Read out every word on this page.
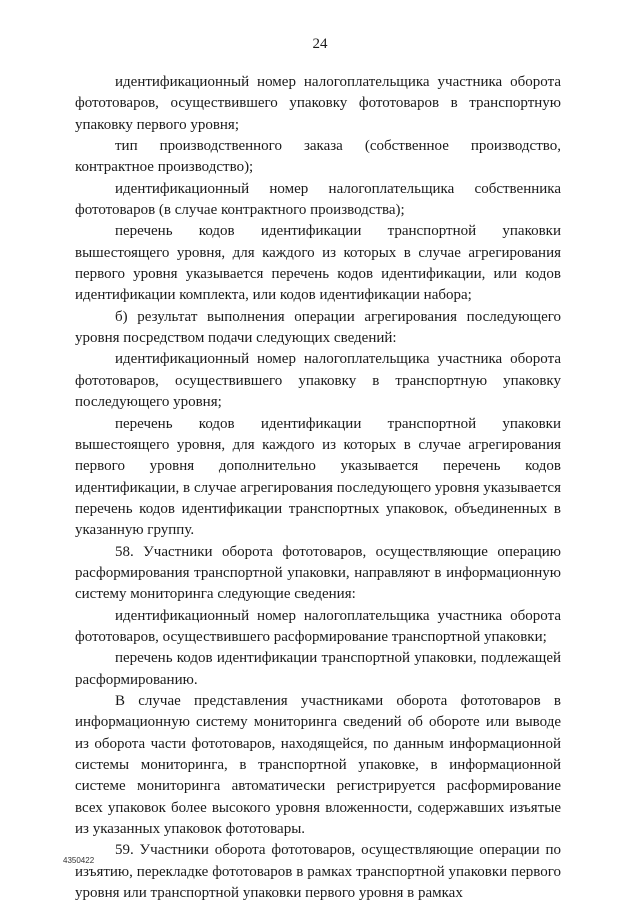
24

идентификационный номер налогоплательщика участника оборота фототоваров, осуществившего упаковку фототоваров в транспортную упаковку первого уровня;

тип производственного заказа (собственное производство, контрактное производство);

идентификационный номер налогоплательщика собственника фототоваров (в случае контрактного производства);

перечень кодов идентификации транспортной упаковки вышестоящего уровня, для каждого из которых в случае агрегирования первого уровня указывается перечень кодов идентификации, или кодов идентификации комплекта, или кодов идентификации набора;

б) результат выполнения операции агрегирования последующего уровня посредством подачи следующих сведений:

идентификационный номер налогоплательщика участника оборота фототоваров, осуществившего упаковку в транспортную упаковку последующего уровня;

перечень кодов идентификации транспортной упаковки вышестоящего уровня, для каждого из которых в случае агрегирования первого уровня дополнительно указывается перечень кодов идентификации, в случае агрегирования последующего уровня указывается перечень кодов идентификации транспортных упаковок, объединенных в указанную группу.

58. Участники оборота фототоваров, осуществляющие операцию расформирования транспортной упаковки, направляют в информационную систему мониторинга следующие сведения:

идентификационный номер налогоплательщика участника оборота фототоваров, осуществившего расформирование транспортной упаковки;

перечень кодов идентификации транспортной упаковки, подлежащей расформированию.

В случае представления участниками оборота фототоваров в информационную систему мониторинга сведений об обороте или выводе из оборота части фототоваров, находящейся, по данным информационной системы мониторинга, в транспортной упаковке, в информационной системе мониторинга автоматически регистрируется расформирование всех упаковок более высокого уровня вложенности, содержавших изъятые из указанных упаковок фототовары.

59. Участники оборота фототоваров, осуществляющие операции по изъятию, перекладке фототоваров в рамках транспортной упаковки первого уровня или транспортной упаковки первого уровня в рамках

4350422
